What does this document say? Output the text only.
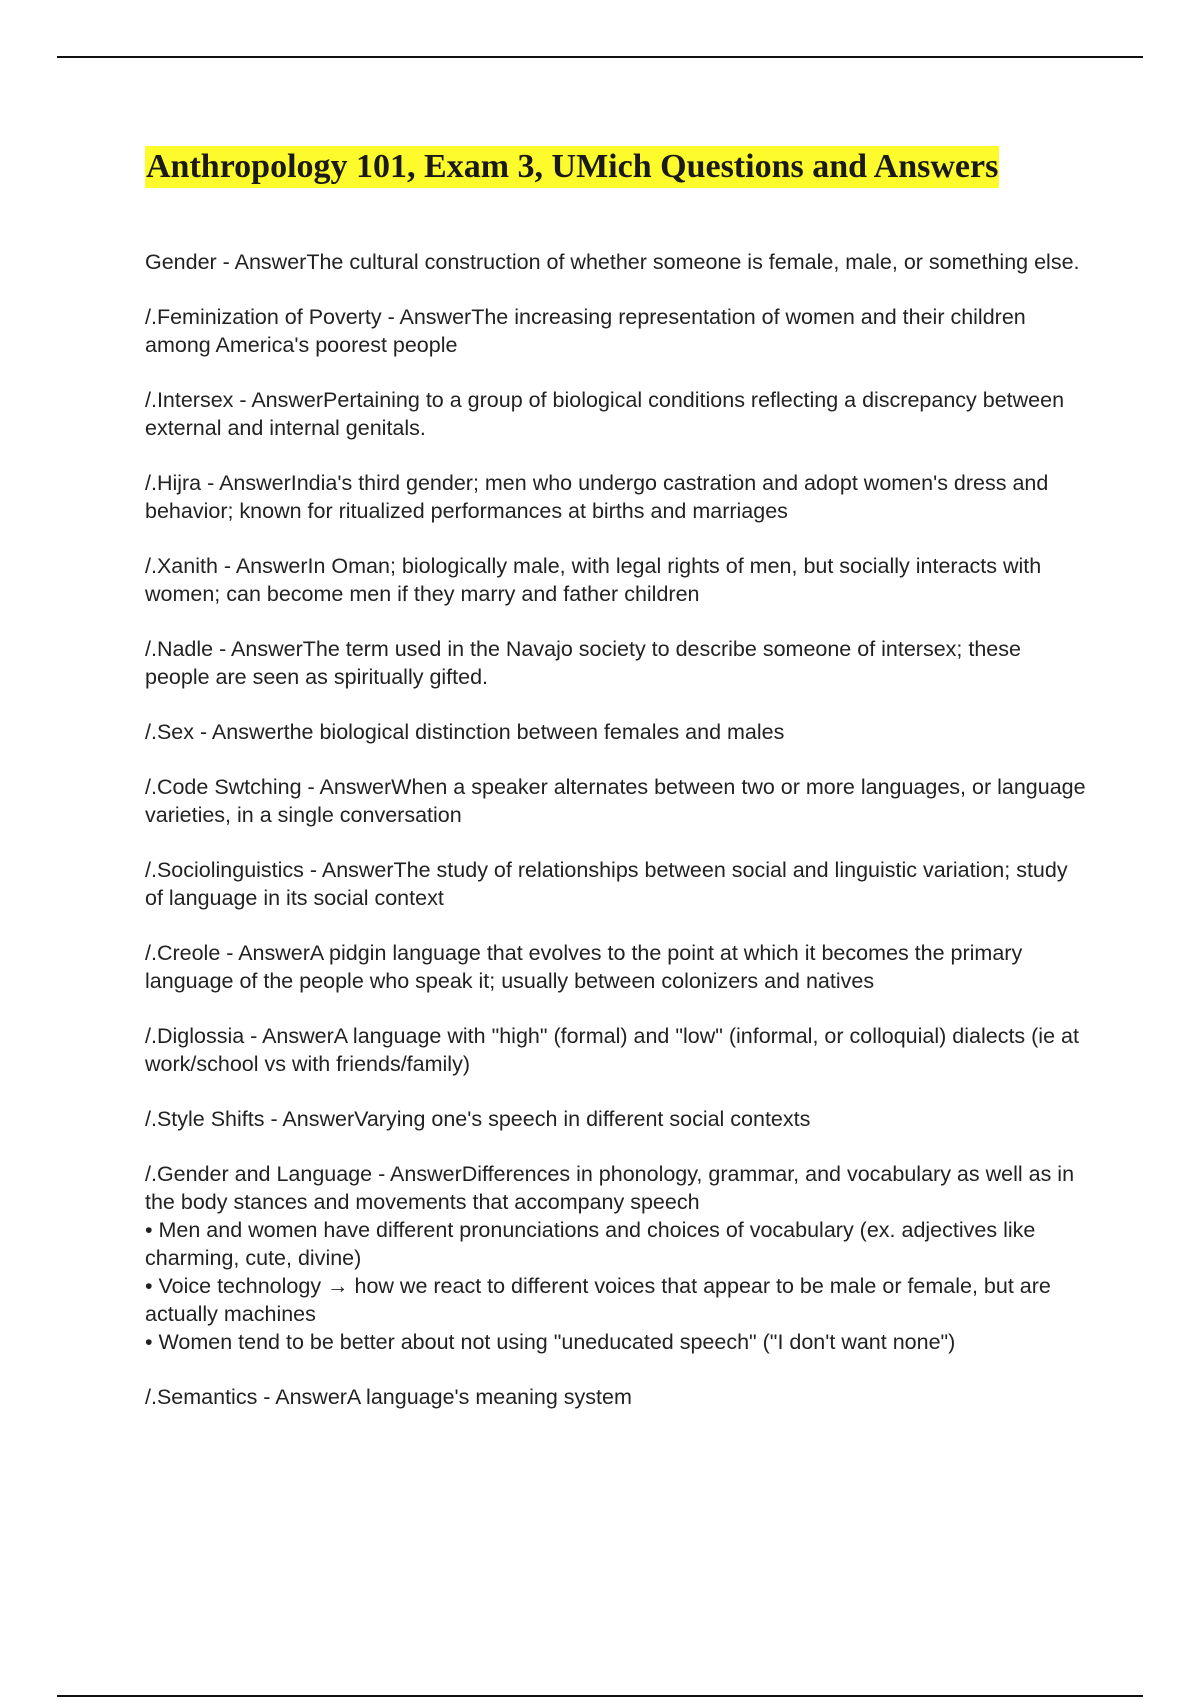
Anthropology 101, Exam 3, UMich Questions and Answers

Gender - AnswerThe cultural construction of whether someone is female, male, or something else.

/.Feminization of Poverty - AnswerThe increasing representation of women and their children among America's poorest people

/.Intersex - AnswerPertaining to a group of biological conditions reflecting a discrepancy between external and internal genitals.

/.Hijra - AnswerIndia's third gender; men who undergo castration and adopt women's dress and behavior; known for ritualized performances at births and marriages

/.Xanith - AnswerIn Oman; biologically male, with legal rights of men, but socially interacts with women; can become men if they marry and father children

/.Nadle - AnswerThe term used in the Navajo society to describe someone of intersex; these people are seen as spiritually gifted.

/.Sex - Answerthe biological distinction between females and males

/.Code Swtching - AnswerWhen a speaker alternates between two or more languages, or language varieties, in a single conversation

/.Sociolinguistics - AnswerThe study of relationships between social and linguistic variation; study of language in its social context

/.Creole - AnswerA pidgin language that evolves to the point at which it becomes the primary language of the people who speak it; usually between colonizers and natives

/.Diglossia - AnswerA language with "high" (formal) and "low" (informal, or colloquial) dialects (ie at work/school vs with friends/family)

/.Style Shifts - AnswerVarying one's speech in different social contexts

/.Gender and Language - AnswerDifferences in phonology, grammar, and vocabulary as well as in the body stances and movements that accompany speech
• Men and women have different pronunciations and choices of vocabulary (ex. adjectives like charming, cute, divine)
• Voice technology → how we react to different voices that appear to be male or female, but are actually machines
• Women tend to be better about not using "uneducated speech" ("I don't want none")

/.Semantics - AnswerA language's meaning system
